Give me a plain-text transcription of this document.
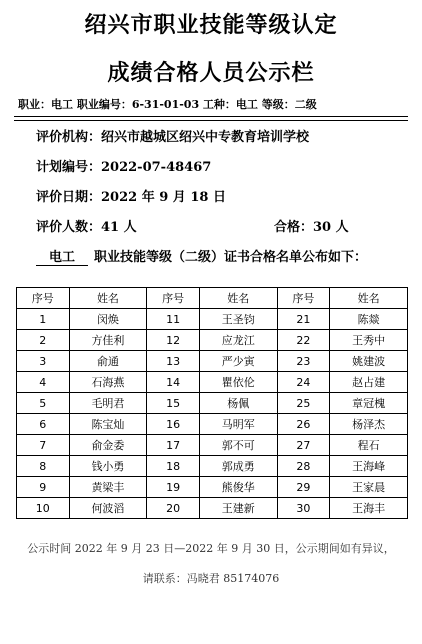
绍兴市职业技能等级认定
成绩合格人员公示栏
职业：电工 职业编号：6-31-01-03 工种：电工 等级：二级
评价机构：绍兴市越城区绍兴中专教育培训学校
计划编号：2022-07-48467
评价日期：2022 年 9 月 18 日
评价人数：41 人	合格：30 人
电工 职业技能等级（二级）证书合格名单公布如下：
序号	姓名	序号	姓名	序号	姓名
1	闵焕	11	王圣钧	21	陈燚
2	方佳利	12	应龙江	22	王秀中
3	俞通	13	严少寅	23	姚建波
4	石海燕	14	瞿依伦	24	赵占建
5	毛明君	15	杨佩	25	章冠槐
6	陈宝灿	16	马明军	26	杨泽杰
7	俞金委	17	郭不可	27	程石
8	钱小勇	18	郭成勇	28	王海峰
9	黄梁丰	19	熊俊华	29	王家晨
10	何波滔	20	王建新	30	王海丰
公示时间 2022 年 9 月 23 日—2022 年 9 月 30 日，公示期间如有异议，
请联系：冯晓君 85174076
